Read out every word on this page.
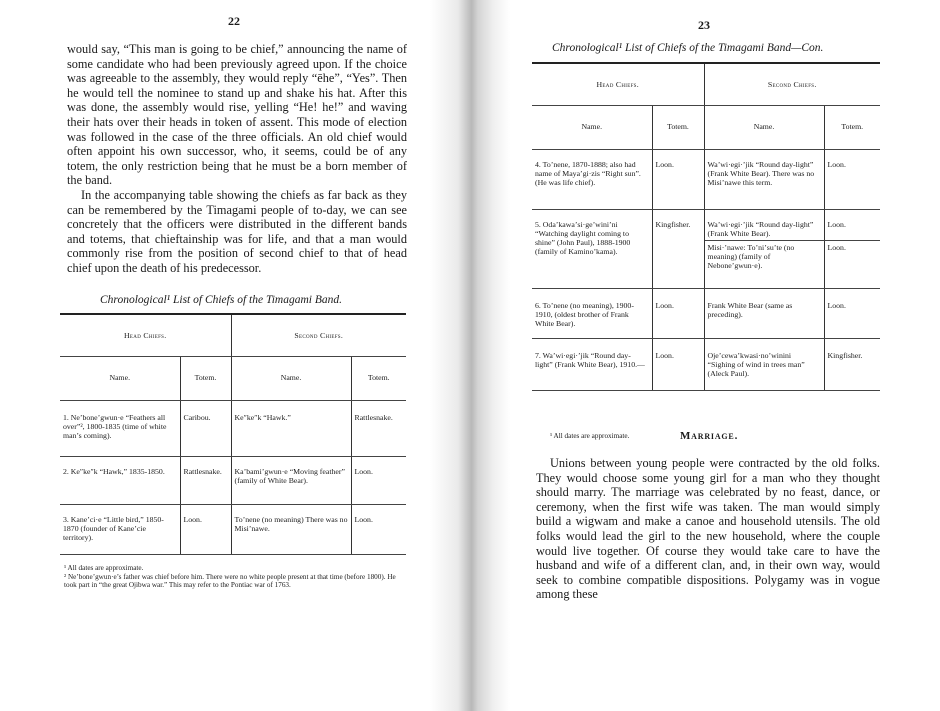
22

would say, “This man is going to be chief,” announcing the name of some candidate who had been previously agreed upon. If the choice was agreeable to the assembly, they would reply “ēhe”, “Yes”. Then he would tell the nominee to stand up and shake his hat. After this was done, the assembly would rise, yelling “He! he!” and waving their hats over their heads in token of assent. This mode of election was followed in the case of the three officials. An old chief would often appoint his own successor, who, it seems, could be of any totem, the only restriction being that he must be a born member of the band.

In the accompanying table showing the chiefs as far back as they can be remembered by the Timagami people of to-day, we can see concretely that the officers were distributed in the different bands and totems, that chieftainship was for life, and that a man would commonly rise from the position of second chief to that of head chief upon the death of his predecessor.

Chronological¹ List of Chiefs of the Timagami Band.
Head Chiefs.		Second Chiefs.	
Name.	Totem.	Name.	Totem.
1. Neʼboneʼgwun·e “Feathers all over”², 1800-1835 (time of white man’s coming).	Caribou.	Ke″ke″k “Hawk.”	Rattlesnake.
2. Ke″ke″k “Hawk,” 1835-1850.	Rattlesnake.	Kaʼbamiʼgwun·e “Moving feather” (family of White Bear).	Loon.
3. Kaneʼci·e “Little bird,” 1850-1870 (founder of Kaneʼcie territory).	Loon.	Toʼnene (no meaning) There was no Misiʼnawe.	Loon.

¹ All dates are approximate.

² Neʼboneʼgwun·e’s father was chief before him. There were no white people present at that time (before 1800). He took part in “the great Ojibwa war.” This may refer to the Pontiac war of 1763.

23
Chronological¹ List of Chiefs of the Timagami Band—Con.
Head Chiefs.		Second Chiefs.	
Name.	Totem.	Name.	Totem.
4. Toʼnene, 1870-1888; also had name of Mayaʼgi·zis “Right sun”. (He was life chief).	Loon.	Waʼwi·egi·ʼjik “Round day-light” (Frank White Bear). There was no Misiʼnawe this term.	Loon.
5. Odaʼkawaʼsi·geʼwiniʼni “Watching daylight coming to shine” (John Paul), 1888-1900 (family of Kaminoʼkama).	Kingfisher.	Waʼwi·egi·ʼjik “Round day-light” (Frank White Bear).	Loon.
		Misi·ʼnawe: Toʼniʼsuʼte (no meaning) (family of Neboneʼgwun·e).	Loon.
6. Toʼnene (no meaning), 1900-1910, (oldest brother of Frank White Bear).	Loon.	Frank White Bear (same as preceding).	Loon.
7. Waʼwi·egi·ʼjik “Round day-light” (Frank White Bear), 1910.—	Loon.	Ojeʼcewaʼkwasi·noʼwinini “Sighing of wind in trees man” (Aleck Paul).	Kingfisher.
¹ All dates are approximate.	Marriage.
Unions between young people were contracted by the old folks. They would choose some young girl for a man who they thought should marry. The marriage was celebrated by no feast, dance, or ceremony, when the first wife was taken. The man would simply build a wigwam and make a canoe and household utensils. The old folks would lead the girl to the new household, where the couple would live together. Of course they would take care to have the husband and wife of a different clan, and, in their own way, would seek to combine compatible dispositions. Polygamy was in vogue among these
